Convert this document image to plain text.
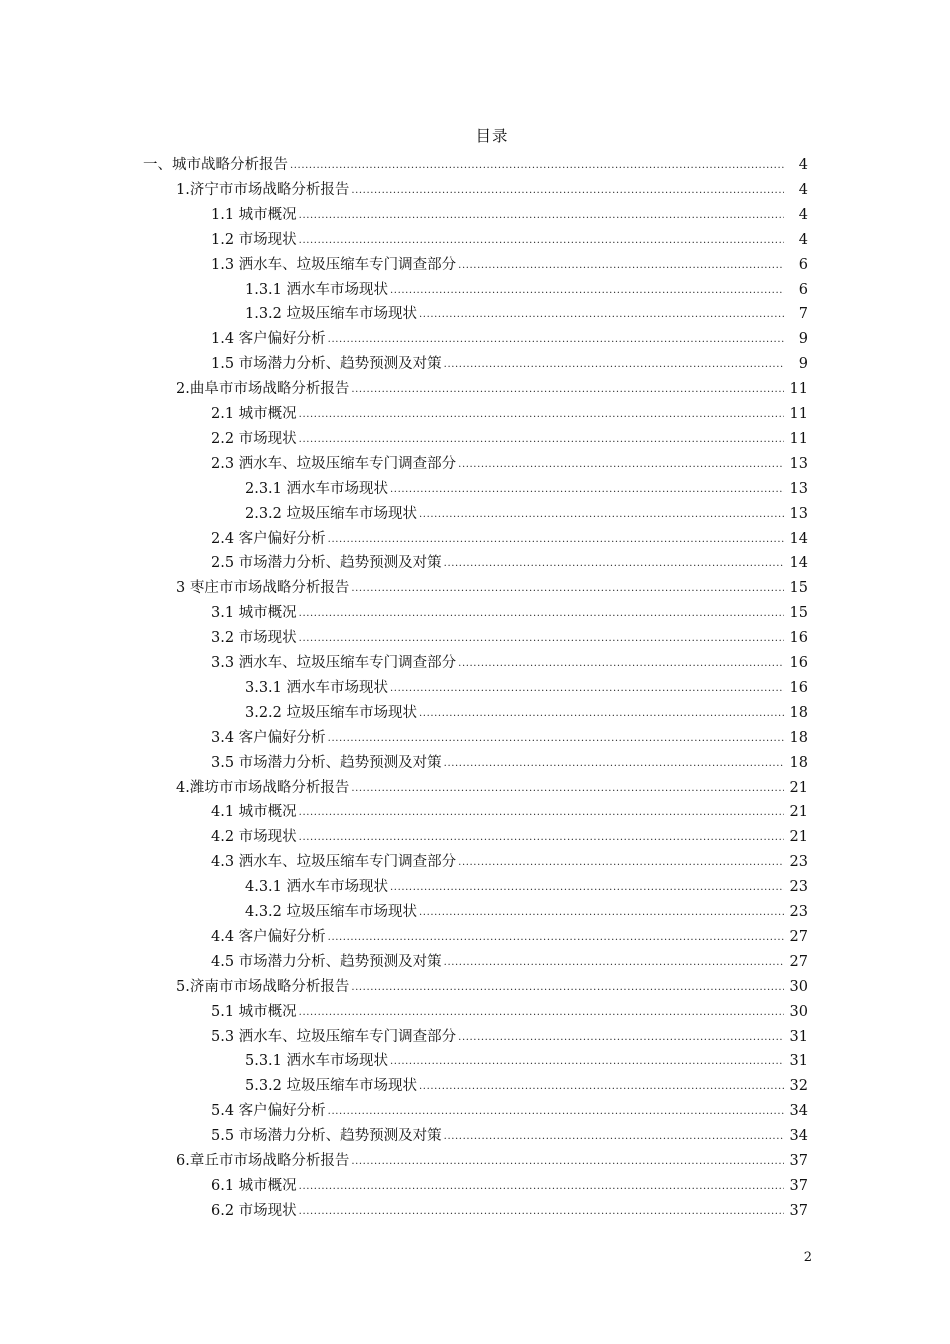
目录
一、城市战略分析报告 .....	4
1.济宁市市场战略分析报告 .....	4
1.1 城市概况 .....	4
1.2 市场现状 .....	4
1.3 洒水车、垃圾压缩车专门调查部分 .....	6
1.3.1 洒水车市场现状 .....	6
1.3.2 垃圾压缩车市场现状 .....	7
1.4 客户偏好分析 .....	9
1.5 市场潜力分析、趋势预测及对策 .....	9
2.曲阜市市场战略分析报告 .....	11
2.1 城市概况 .....	11
2.2 市场现状 .....	11
2.3 洒水车、垃圾压缩车专门调查部分 .....	13
2.3.1 洒水车市场现状 .....	13
2.3.2 垃圾压缩车市场现状 .....	13
2.4 客户偏好分析 .....	14
2.5 市场潜力分析、趋势预测及对策 .....	14
3 枣庄市市场战略分析报告 .....	15
3.1 城市概况 .....	15
3.2 市场现状 .....	16
3.3 洒水车、垃圾压缩车专门调查部分 .....	16
3.3.1 洒水车市场现状 .....	16
3.2.2 垃圾压缩车市场现状 .....	18
3.4 客户偏好分析 .....	18
3.5 市场潜力分析、趋势预测及对策 .....	18
4.潍坊市市场战略分析报告 .....	21
4.1 城市概况 .....	21
4.2 市场现状 .....	21
4.3 洒水车、垃圾压缩车专门调查部分 .....	23
4.3.1 洒水车市场现状 .....	23
4.3.2 垃圾压缩车市场现状 .....	23
4.4 客户偏好分析 .....	27
4.5 市场潜力分析、趋势预测及对策 .....	27
5.济南市市场战略分析报告 .....	30
5.1 城市概况 .....	30
5.3 洒水车、垃圾压缩车专门调查部分 .....	31
5.3.1 洒水车市场现状 .....	31
5.3.2 垃圾压缩车市场现状 .....	32
5.4 客户偏好分析 .....	34
5.5 市场潜力分析、趋势预测及对策 .....	34
6.章丘市市场战略分析报告 .....	37
6.1 城市概况 .....	37
6.2 市场现状 .....	37
2
